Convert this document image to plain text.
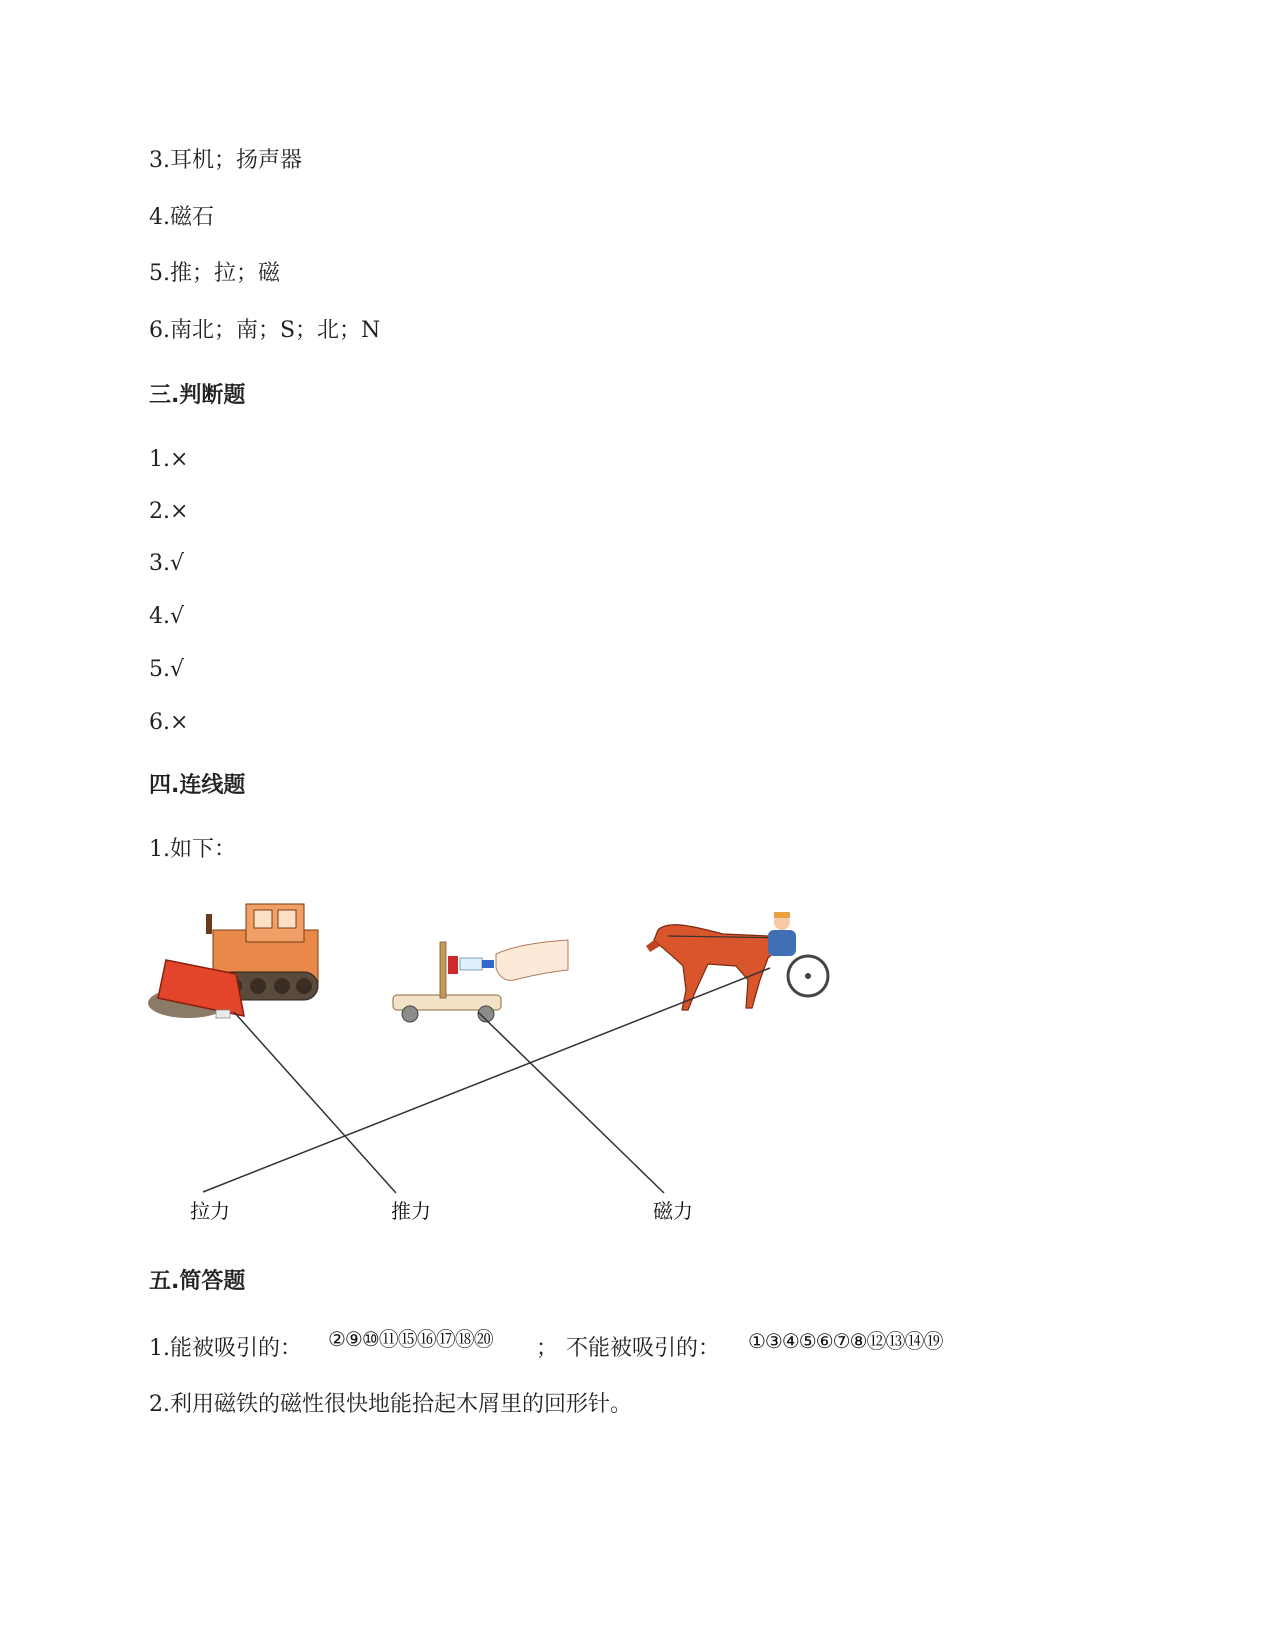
3.耳机；扬声器
4.磁石
5.推；拉；磁
6.南北；南；S；北；N
三.判断题
1.×
2.×
3.√
4.√
5.√
6.×
四.连线题
1.如下：
拉力	推力	磁力
五.简答题
1.能被吸引的： ②⑨⑩⑪⑮⑯⑰⑱⑳ ； 不能被吸引的： ①③④⑤⑥⑦⑧⑫⑬⑭⑲
2.利用磁铁的磁性很快地能拾起木屑里的回形针。
